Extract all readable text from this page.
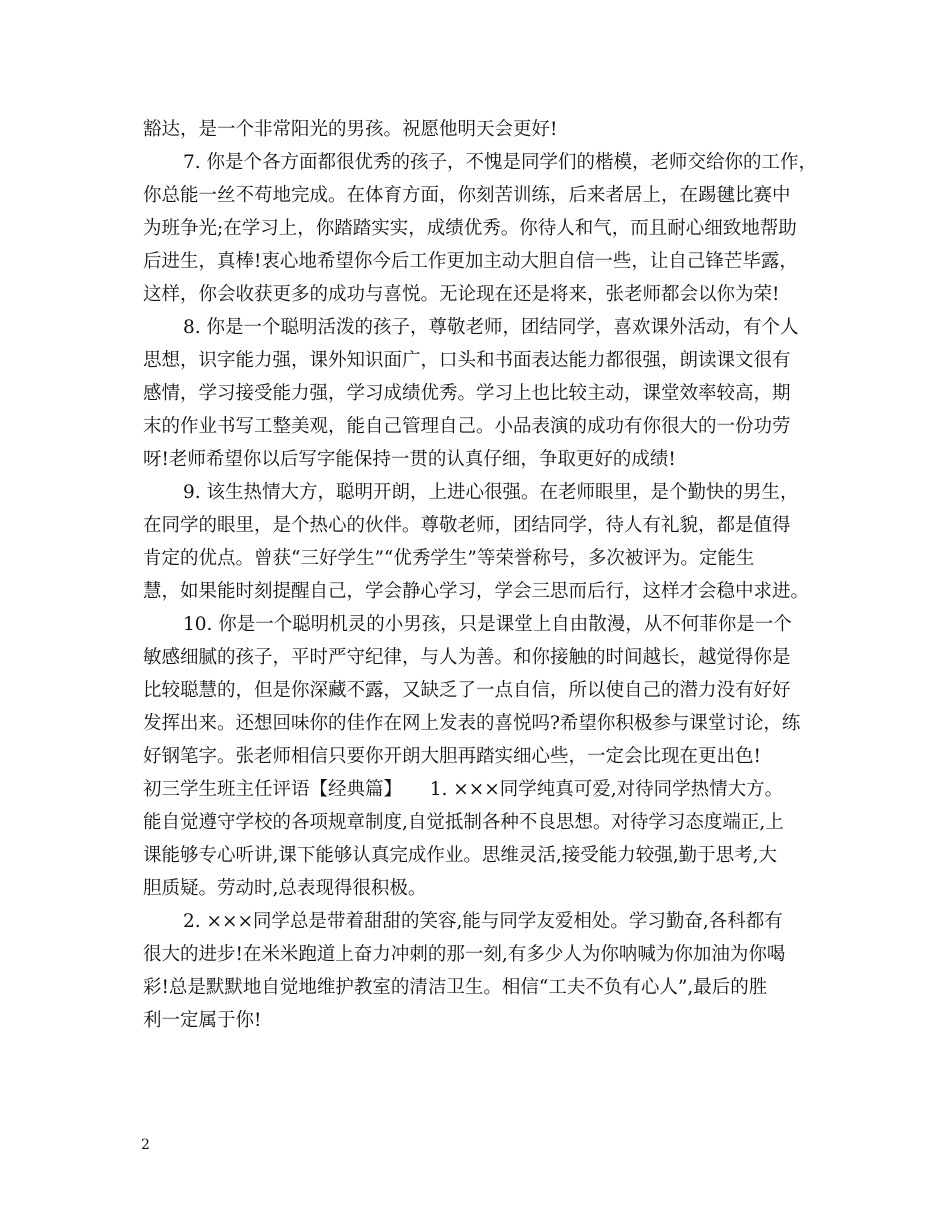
豁达，是一个非常阳光的男孩。祝愿他明天会更好!
7. 你是个各方面都很优秀的孩子，不愧是同学们的楷模，老师交给你的工作，
你总能一丝不苟地完成。在体育方面，你刻苦训练，后来者居上，在踢毽比赛中
为班争光;在学习上，你踏踏实实，成绩优秀。你待人和气，而且耐心细致地帮助
后进生，真棒!衷心地希望你今后工作更加主动大胆自信一些，让自己锋芒毕露，
这样，你会收获更多的成功与喜悦。无论现在还是将来，张老师都会以你为荣!
8. 你是一个聪明活泼的孩子，尊敬老师，团结同学，喜欢课外活动，有个人
思想，识字能力强，课外知识面广，口头和书面表达能力都很强，朗读课文很有
感情，学习接受能力强，学习成绩优秀。学习上也比较主动，课堂效率较高，期
末的作业书写工整美观，能自己管理自己。小品表演的成功有你很大的一份功劳
呀!老师希望你以后写字能保持一贯的认真仔细，争取更好的成绩!
9. 该生热情大方，聪明开朗，上进心很强。在老师眼里，是个勤快的男生，
在同学的眼里，是个热心的伙伴。尊敬老师，团结同学，待人有礼貌，都是值得
肯定的优点。曾获“三好学生”“优秀学生”等荣誉称号，多次被评为。定能生
慧，如果能时刻提醒自己，学会静心学习，学会三思而后行，这样才会稳中求进。
10. 你是一个聪明机灵的小男孩，只是课堂上自由散漫，从不何菲你是一个
敏感细腻的孩子，平时严守纪律，与人为善。和你接触的时间越长，越觉得你是
比较聪慧的，但是你深藏不露，又缺乏了一点自信，所以使自己的潜力没有好好
发挥出来。还想回味你的佳作在网上发表的喜悦吗?希望你积极参与课堂讨论，练
好钢笔字。张老师相信只要你开朗大胆再踏实细心些，一定会比现在更出色!
初三学生班主任评语【经典篇】　　1. ×××同学纯真可爱,对待同学热情大方。
能自觉遵守学校的各项规章制度,自觉抵制各种不良思想。对待学习态度端正,上
课能够专心听讲,课下能够认真完成作业。思维灵活,接受能力较强,勤于思考,大
胆质疑。劳动时,总表现得很积极。
2. ×××同学总是带着甜甜的笑容,能与同学友爱相处。学习勤奋,各科都有
很大的进步!在米米跑道上奋力冲刺的那一刻,有多少人为你呐喊为你加油为你喝
彩!总是默默地自觉地维护教室的清洁卫生。相信“工夫不负有心人”,最后的胜
利一定属于你!
2
